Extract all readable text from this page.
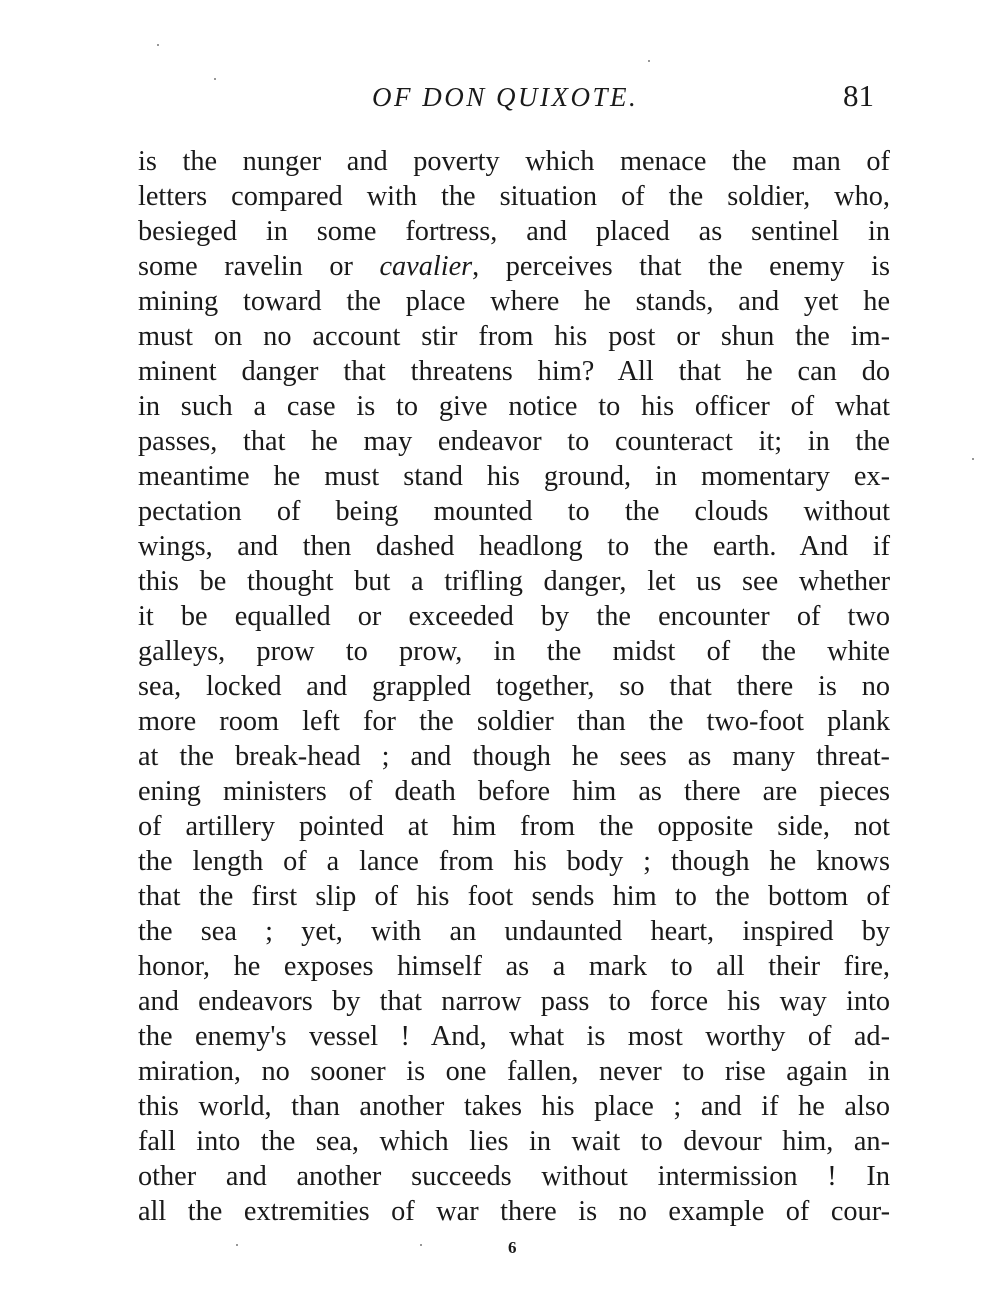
OF DON QUIXOTE.	81
is the nunger and poverty which menace the man of
letters compared with the situation of the soldier, who,
besieged in some fortress, and placed as sentinel in
some ravelin or cavalier, perceives that the enemy is
mining toward the place where he stands, and yet he
must on no account stir from his post or shun the im-
minent danger that threatens him? All that he can do
in such a case is to give notice to his officer of what
passes, that he may endeavor to counteract it; in the
meantime he must stand his ground, in momentary ex-
pectation of being mounted to the clouds without
wings, and then dashed headlong to the earth. And if
this be thought but a trifling danger, let us see whether
it be equalled or exceeded by the encounter of two
galleys, prow to prow, in the midst of the white
sea, locked and grappled together, so that there is no
more room left for the soldier than the two-foot plank
at the break-head ; and though he sees as many threat-
ening ministers of death before him as there are pieces
of artillery pointed at him from the opposite side, not
the length of a lance from his body ; though he knows
that the first slip of his foot sends him to the bottom of
the sea ; yet, with an undaunted heart, inspired by
honor, he exposes himself as a mark to all their fire,
and endeavors by that narrow pass to force his way into
the enemy's vessel ! And, what is most worthy of ad-
miration, no sooner is one fallen, never to rise again in
this world, than another takes his place ; and if he also
fall into the sea, which lies in wait to devour him, an-
other and another succeeds without intermission ! In
all the extremities of war there is no example of cour-
6
